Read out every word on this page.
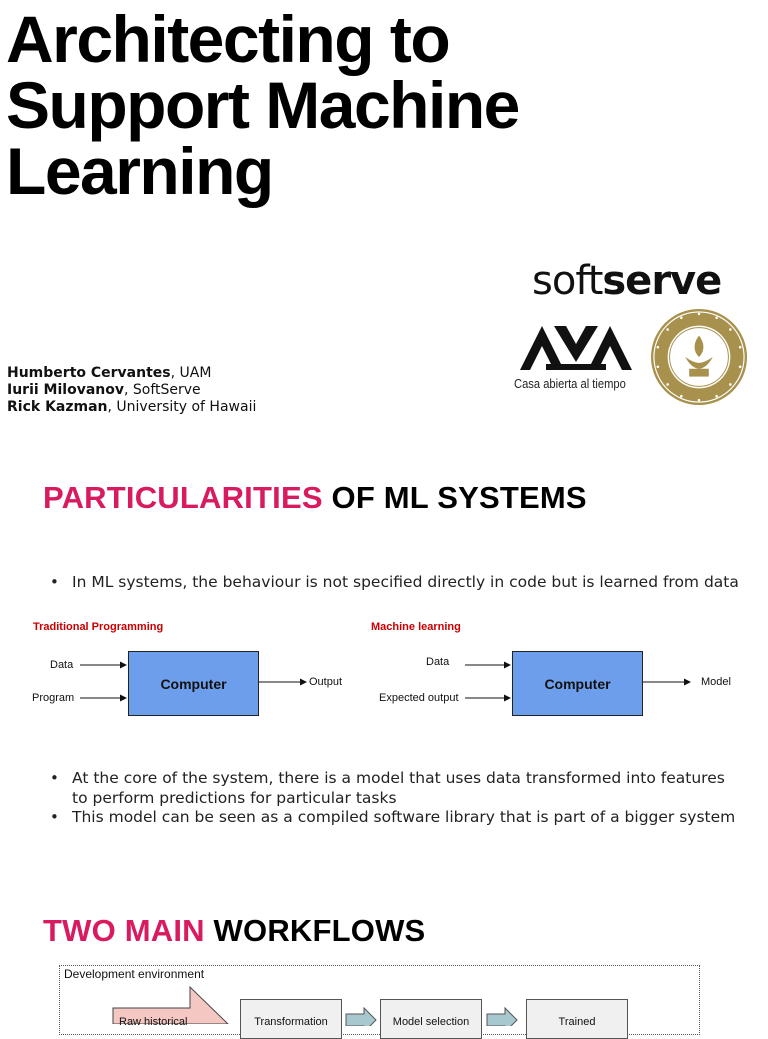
Architecting to
Support Machine
Learning
softserve
Casa abierta al tiempo
Humberto Cervantes, UAM
Iurii Milovanov, SoftServe
Rick Kazman, University of Hawaii
PARTICULARITIES OF ML SYSTEMS
• In ML systems, the behaviour is not specified directly in code but is learned from data
Traditional Programming
Data
Program
Computer	Output
Machine learning
Data
Expected output
Computer	Model
• At the core of the system, there is a model that uses data transformed into features to perform predictions for particular tasks
• This model can be seen as a compiled software library that is part of a bigger system
TWO MAIN WORKFLOWS
Development environment
Raw historical	Transformation	Model selection	Trained
